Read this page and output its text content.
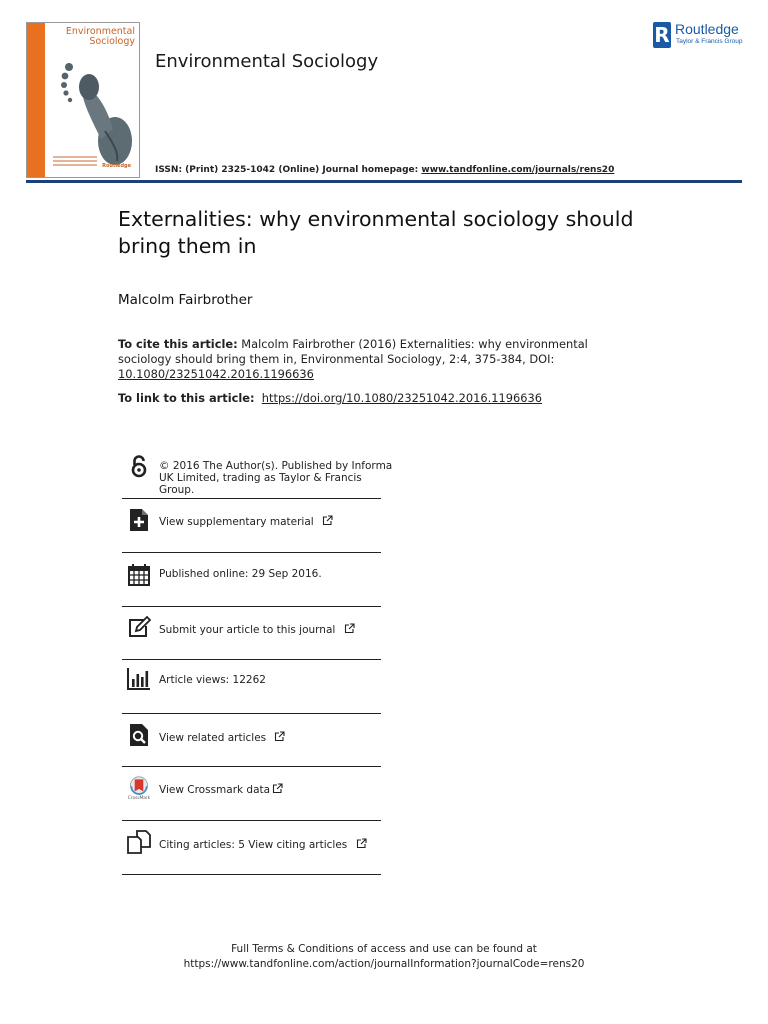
Environmental
Sociology
Routledge
Environmental Sociology
R Routledge
Taylor & Francis Group
ISSN: (Print) 2325-1042 (Online) Journal homepage: www.tandfonline.com/journals/rens20
Externalities: why environmental sociology should bring them in
Malcolm Fairbrother
To cite this article: Malcolm Fairbrother (2016) Externalities: why environmental sociology should bring them in, Environmental Sociology, 2:4, 375-384, DOI:
10.1080/23251042.2016.1196636
To link to this article: https://doi.org/10.1080/23251042.2016.1196636
© 2016 The Author(s). Published by Informa
UK Limited, trading as Taylor & Francis
Group.
View supplementary material
Published online: 29 Sep 2016.
Submit your article to this journal
Article views: 12262
View related articles
CrossMark
View Crossmark data
Citing articles: 5 View citing articles
Full Terms & Conditions of access and use can be found at
https://www.tandfonline.com/action/journalInformation?journalCode=rens20
